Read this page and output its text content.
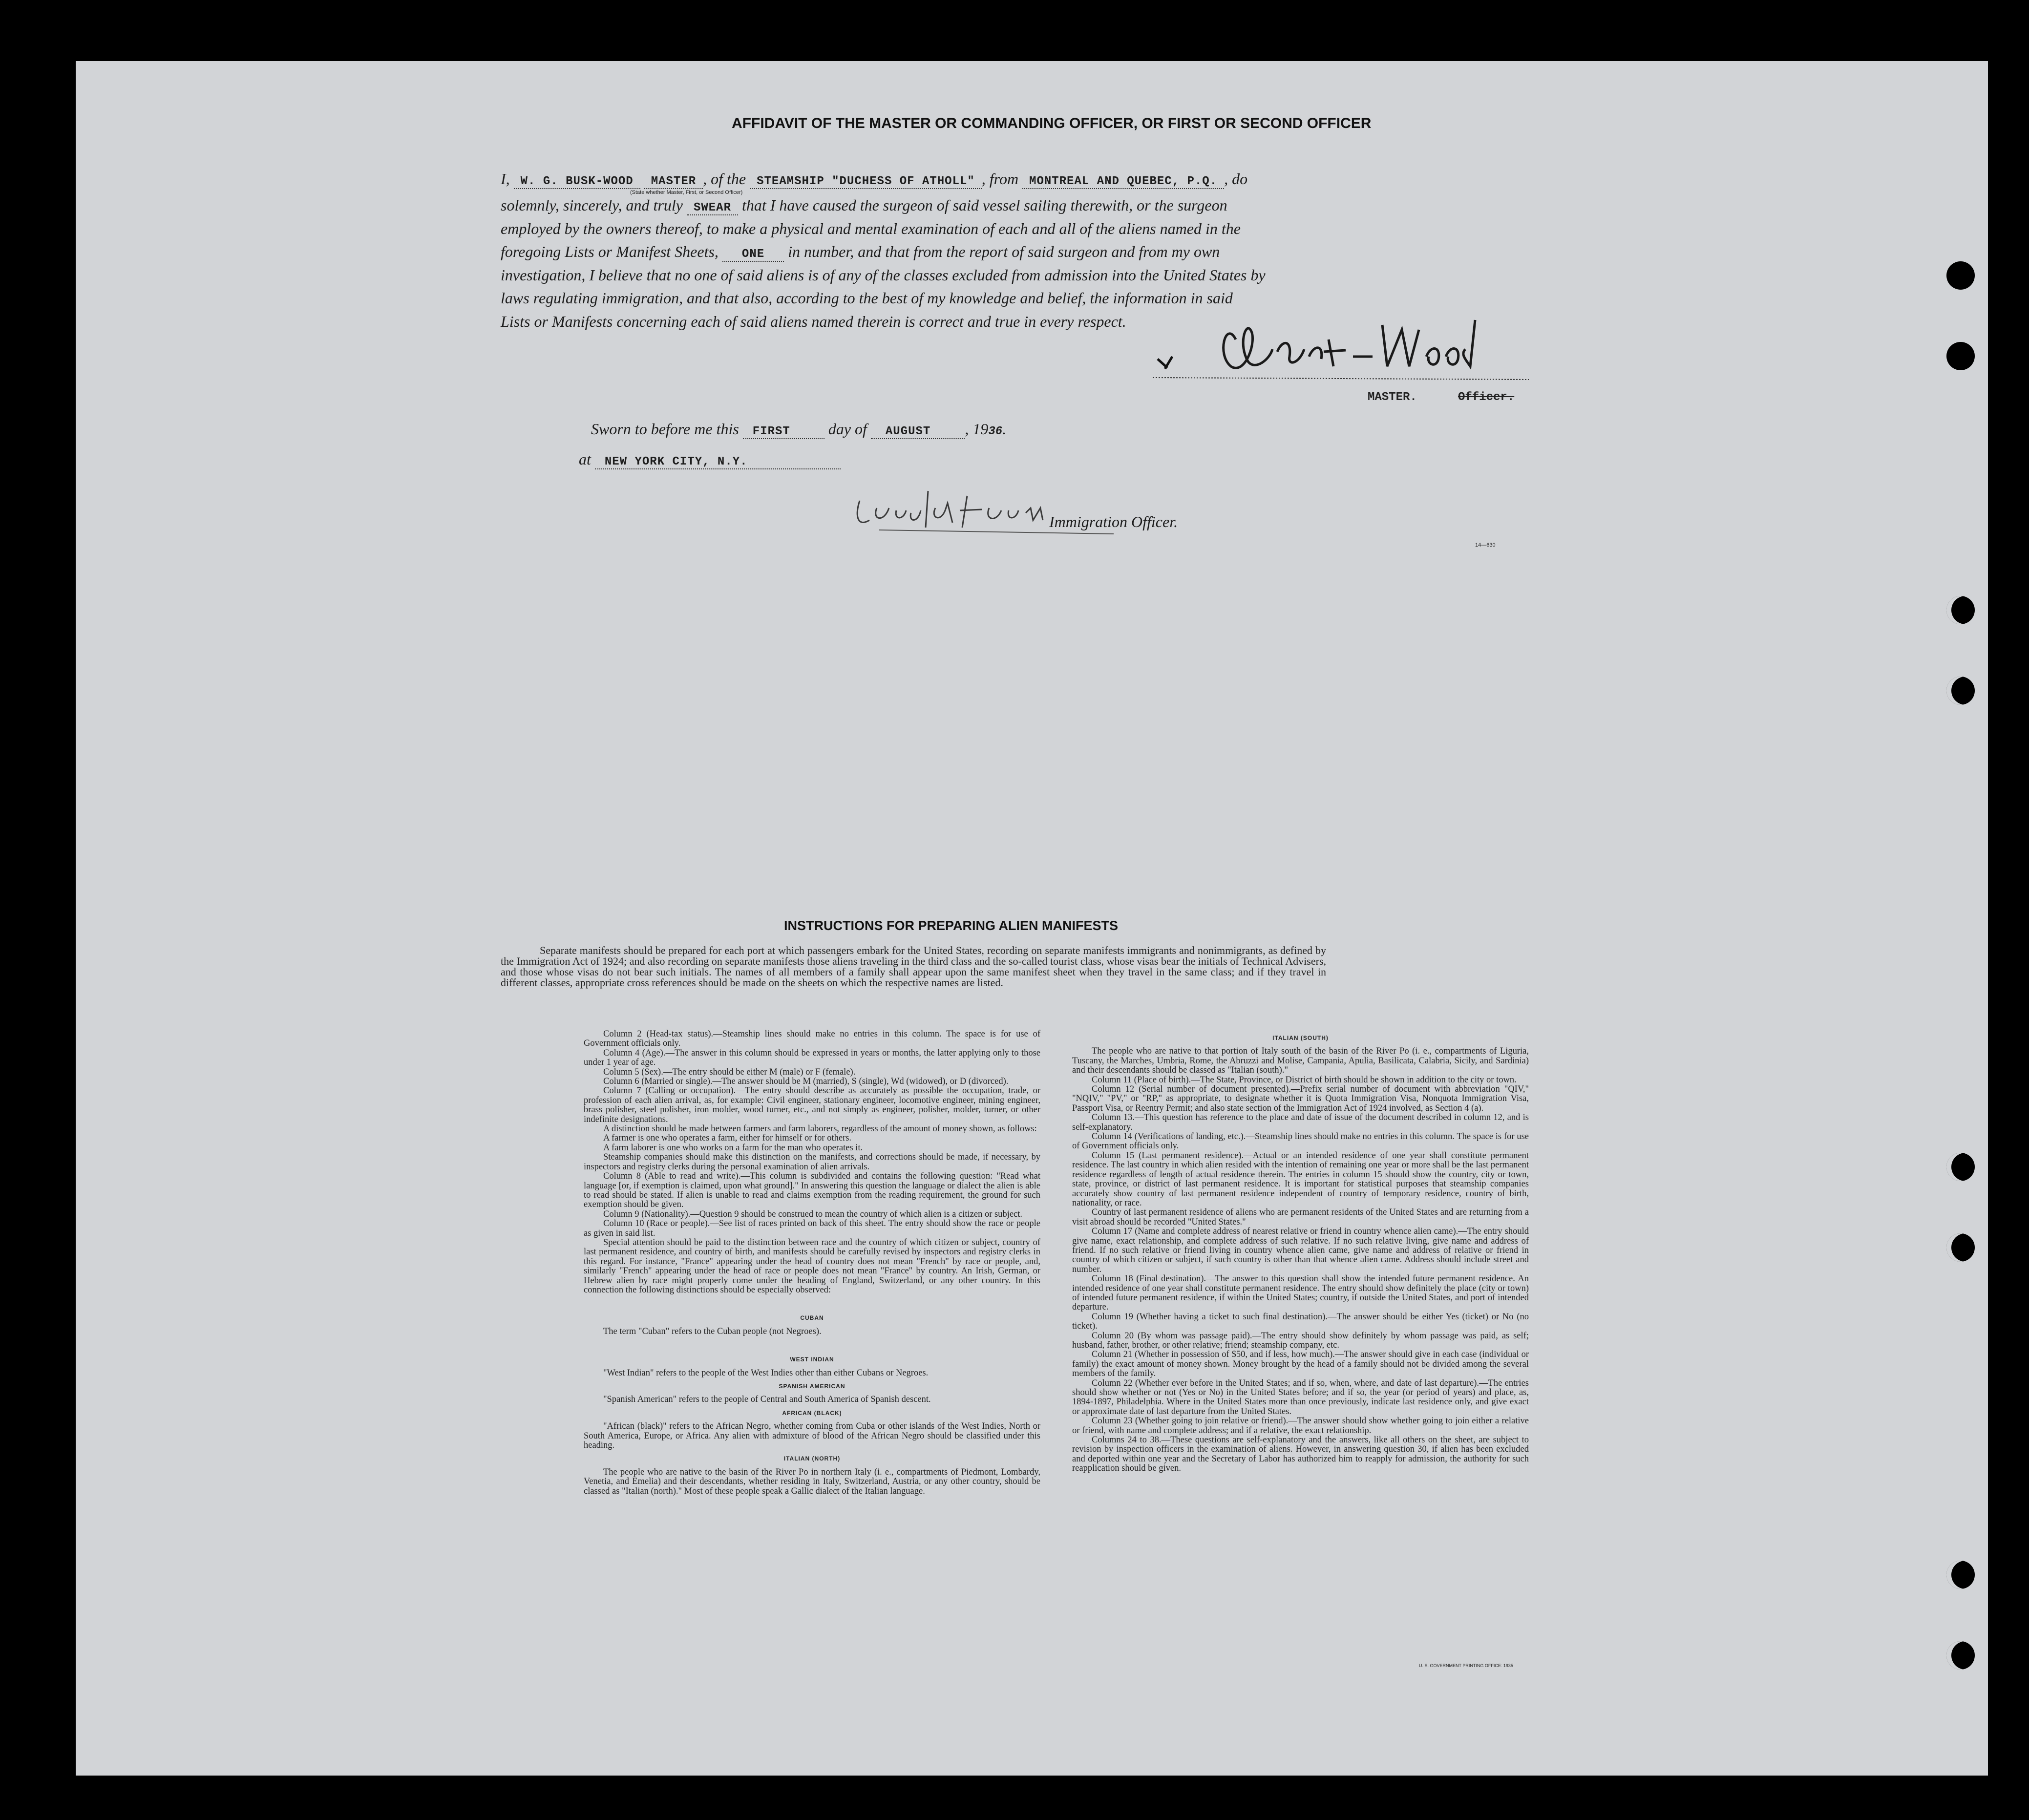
AFFIDAVIT OF THE MASTER OR COMMANDING OFFICER, OR FIRST OR SECOND OFFICER
I, W. G. BUSK-WOOD MASTER , of the STEAMSHIP "DUCHESS OF ATHOLL" , from MONTREAL AND QUEBEC, P.Q. , do
(State whether Master, First, or Second Officer)
solemnly, sincerely, and truly SWEAR that I have caused the surgeon of said vessel sailing therewith, or the surgeon
employed by the owners thereof, to make a physical and mental examination of each and all of the aliens named in the
foregoing Lists or Manifest Sheets, ONE in number, and that from the report of said surgeon and from my own
investigation, I believe that no one of said aliens is of any of the classes excluded from admission into the United States by
laws regulating immigration, and that also, according to the best of my knowledge and belief, the information in said
Lists or Manifests concerning each of said aliens named therein is correct and true in every respect.
MASTER.	Officer.
Sworn to before me this FIRST day of AUGUST , 1936.
at NEW YORK CITY, N.Y.
Immigration Officer.
14—630
INSTRUCTIONS FOR PREPARING ALIEN MANIFESTS
Separate manifests should be prepared for each port at which passengers embark for the United States, recording on separate manifests immigrants and nonimmigrants, as defined by the Immigration Act of 1924; and also recording on separate manifests those aliens traveling in the third class and the so-called tourist class, whose visas bear the initials of Technical Advisers, and those whose visas do not bear such initials. The names of all members of a family shall appear upon the same manifest sheet when they travel in the same class; and if they travel in different classes, appropriate cross references should be made on the sheets on which the respective names are listed.

Column 2 (Head-tax status).—Steamship lines should make no entries in this column. The space is for use of Government officials only.

Column 4 (Age).—The answer in this column should be expressed in years or months, the latter applying only to those under 1 year of age.

Column 5 (Sex).—The entry should be either M (male) or F (female).

Column 6 (Married or single).—The answer should be M (married), S (single), Wd (widowed), or D (divorced).

Column 7 (Calling or occupation).—The entry should describe as accurately as possible the occupation, trade, or profession of each alien arrival, as, for example: Civil engineer, stationary engineer, locomotive engineer, mining engineer, brass polisher, steel polisher, iron molder, wood turner, etc., and not simply as engineer, polisher, molder, turner, or other indefinite designations.

A distinction should be made between farmers and farm laborers, regardless of the amount of money shown, as follows:

A farmer is one who operates a farm, either for himself or for others.

A farm laborer is one who works on a farm for the man who operates it.

Steamship companies should make this distinction on the manifests, and corrections should be made, if necessary, by inspectors and registry clerks during the personal examination of alien arrivals.

Column 8 (Able to read and write).—This column is subdivided and contains the following question: "Read what language [or, if exemption is claimed, upon what ground]." In answering this question the language or dialect the alien is able to read should be stated. If alien is unable to read and claims exemption from the reading requirement, the ground for such exemption should be given.

Column 9 (Nationality).—Question 9 should be construed to mean the country of which alien is a citizen or subject.

Column 10 (Race or people).—See list of races printed on back of this sheet. The entry should show the race or people as given in said list.

Special attention should be paid to the distinction between race and the country of which citizen or subject, country of last permanent residence, and country of birth, and manifests should be carefully revised by inspectors and registry clerks in this regard. For instance, "France" appearing under the head of country does not mean "French" by race or people, and, similarly "French" appearing under the head of race or people does not mean "France" by country. An Irish, German, or Hebrew alien by race might properly come under the heading of England, Switzerland, or any other country. In this connection the following distinctions should be especially observed:

CUBAN

The term "Cuban" refers to the Cuban people (not Negroes).

WEST INDIAN

"West Indian" refers to the people of the West Indies other than either Cubans or Negroes.

SPANISH AMERICAN

"Spanish American" refers to the people of Central and South America of Spanish descent.

AFRICAN (BLACK)

"African (black)" refers to the African Negro, whether coming from Cuba or other islands of the West Indies, North or South America, Europe, or Africa. Any alien with admixture of blood of the African Negro should be classified under this heading.

ITALIAN (NORTH)

The people who are native to the basin of the River Po in northern Italy (i. e., compartments of Piedmont, Lombardy, Venetia, and Emelia) and their descendants, whether residing in Italy, Switzerland, Austria, or any other country, should be classed as "Italian (north)." Most of these people speak a Gallic dialect of the Italian language.

ITALIAN (SOUTH)

The people who are native to that portion of Italy south of the basin of the River Po (i. e., compartments of Liguria, Tuscany, the Marches, Umbria, Rome, the Abruzzi and Molise, Campania, Apulia, Basilicata, Calabria, Sicily, and Sardinia) and their descendants should be classed as "Italian (south)."

Column 11 (Place of birth).—The State, Province, or District of birth should be shown in addition to the city or town.

Column 12 (Serial number of document presented).—Prefix serial number of document with abbreviation "QIV," "NQIV," "PV," or "RP," as appropriate, to designate whether it is Quota Immigration Visa, Nonquota Immigration Visa, Passport Visa, or Reentry Permit; and also state section of the Immigration Act of 1924 involved, as Section 4 (a).

Column 13.—This question has reference to the place and date of issue of the document described in column 12, and is self-explanatory.

Column 14 (Verifications of landing, etc.).—Steamship lines should make no entries in this column. The space is for use of Government officials only.

Column 15 (Last permanent residence).—Actual or an intended residence of one year shall constitute permanent residence. The last country in which alien resided with the intention of remaining one year or more shall be the last permanent residence regardless of length of actual residence therein. The entries in column 15 should show the country, city or town, state, province, or district of last permanent residence. It is important for statistical purposes that steamship companies accurately show country of last permanent residence independent of country of temporary residence, country of birth, nationality, or race.

Country of last permanent residence of aliens who are permanent residents of the United States and are returning from a visit abroad should be recorded "United States."

Column 17 (Name and complete address of nearest relative or friend in country whence alien came).—The entry should give name, exact relationship, and complete address of such relative. If no such relative living, give name and address of friend. If no such relative or friend living in country whence alien came, give name and address of relative or friend in country of which citizen or subject, if such country is other than that whence alien came. Address should include street and number.

Column 18 (Final destination).—The answer to this question shall show the intended future permanent residence. An intended residence of one year shall constitute permanent residence. The entry should show definitely the place (city or town) of intended future permanent residence, if within the United States; country, if outside the United States, and port of intended departure.

Column 19 (Whether having a ticket to such final destination).—The answer should be either Yes (ticket) or No (no ticket).

Column 20 (By whom was passage paid).—The entry should show definitely by whom passage was paid, as self; husband, father, brother, or other relative; friend; steamship company, etc.

Column 21 (Whether in possession of $50, and if less, how much).—The answer should give in each case (individual or family) the exact amount of money shown. Money brought by the head of a family should not be divided among the several members of the family.

Column 22 (Whether ever before in the United States; and if so, when, where, and date of last departure).—The entries should show whether or not (Yes or No) in the United States before; and if so, the year (or period of years) and place, as, 1894-1897, Philadelphia. Where in the United States more than once previously, indicate last residence only, and give exact or approximate date of last departure from the United States.

Column 23 (Whether going to join relative or friend).—The answer should show whether going to join either a relative or friend, with name and complete address; and if a relative, the exact relationship.

Columns 24 to 38.—These questions are self-explanatory and the answers, like all others on the sheet, are subject to revision by inspection officers in the examination of aliens. However, in answering question 30, if alien has been excluded and deported within one year and the Secretary of Labor has authorized him to reapply for admission, the authority for such reapplication should be given.

U. S. GOVERNMENT PRINTING OFFICE: 1935
